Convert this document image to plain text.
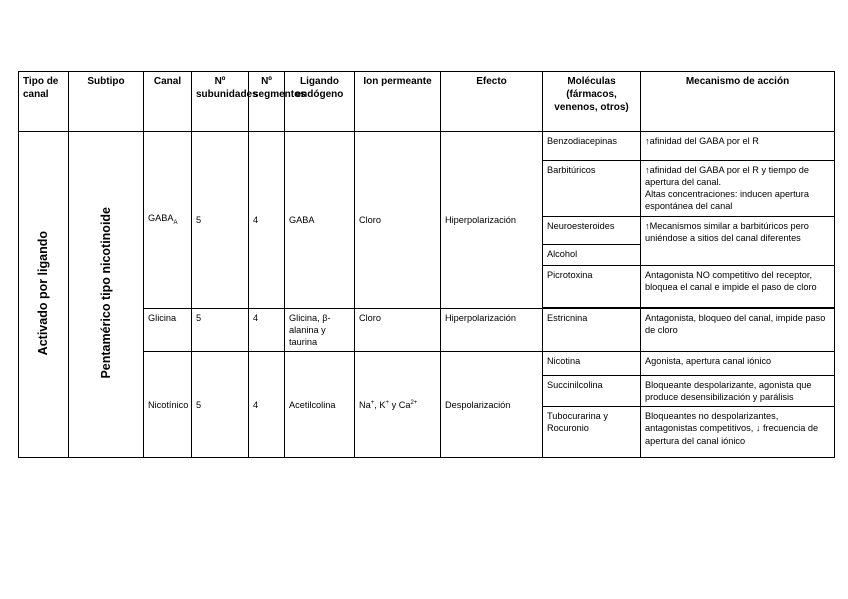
Tipo de canal	Subtipo	Canal	Nº subunidades	Nº segmentos	Ligando endógeno	Ion permeante	Efecto	Moléculas (fármacos, venenos, otros)	Mecanismo de acción
Activado por ligando	Pentamérico tipo nicotinoide	$GABA_A$	5	4	GABA	Cloro	Hiperpolarización	Benzodiacepinas	↑afinidad del GABA por el R
								Barbitúricos	↑afinidad del GABA por el R y tiempo de apertura del canal.
Altas concentraciones: inducen apertura espontánea del canal

								Neuroesteroides	↑Mecanismos similar a barbitúricos pero uniéndose a sitios del canal diferentes
								Alcohol	
								Picrotoxina	Antagonista NO competitivo del receptor, bloquea el canal e impide el paso de cloro

		Glicina	5	4	Glicina, β-alanina y taurina	Cloro	Hiperpolarización	Estricnina	Antagonista, bloqueo del canal, impide paso de cloro
		Nicotínico	5	4	Acetilcolina	Na+, K+ y $Ca^{2+}$	Despolarización	Nicotina	Agonista, apertura canal iónico
								Succinilcolina	Bloqueante despolarizante, agonista que produce desensibilización y parálisis
								Tubocurarina y Rocuronio	Bloqueantes no despolarizantes, antagonistas competitivos, ↓ frecuencia de apertura del canal iónico
